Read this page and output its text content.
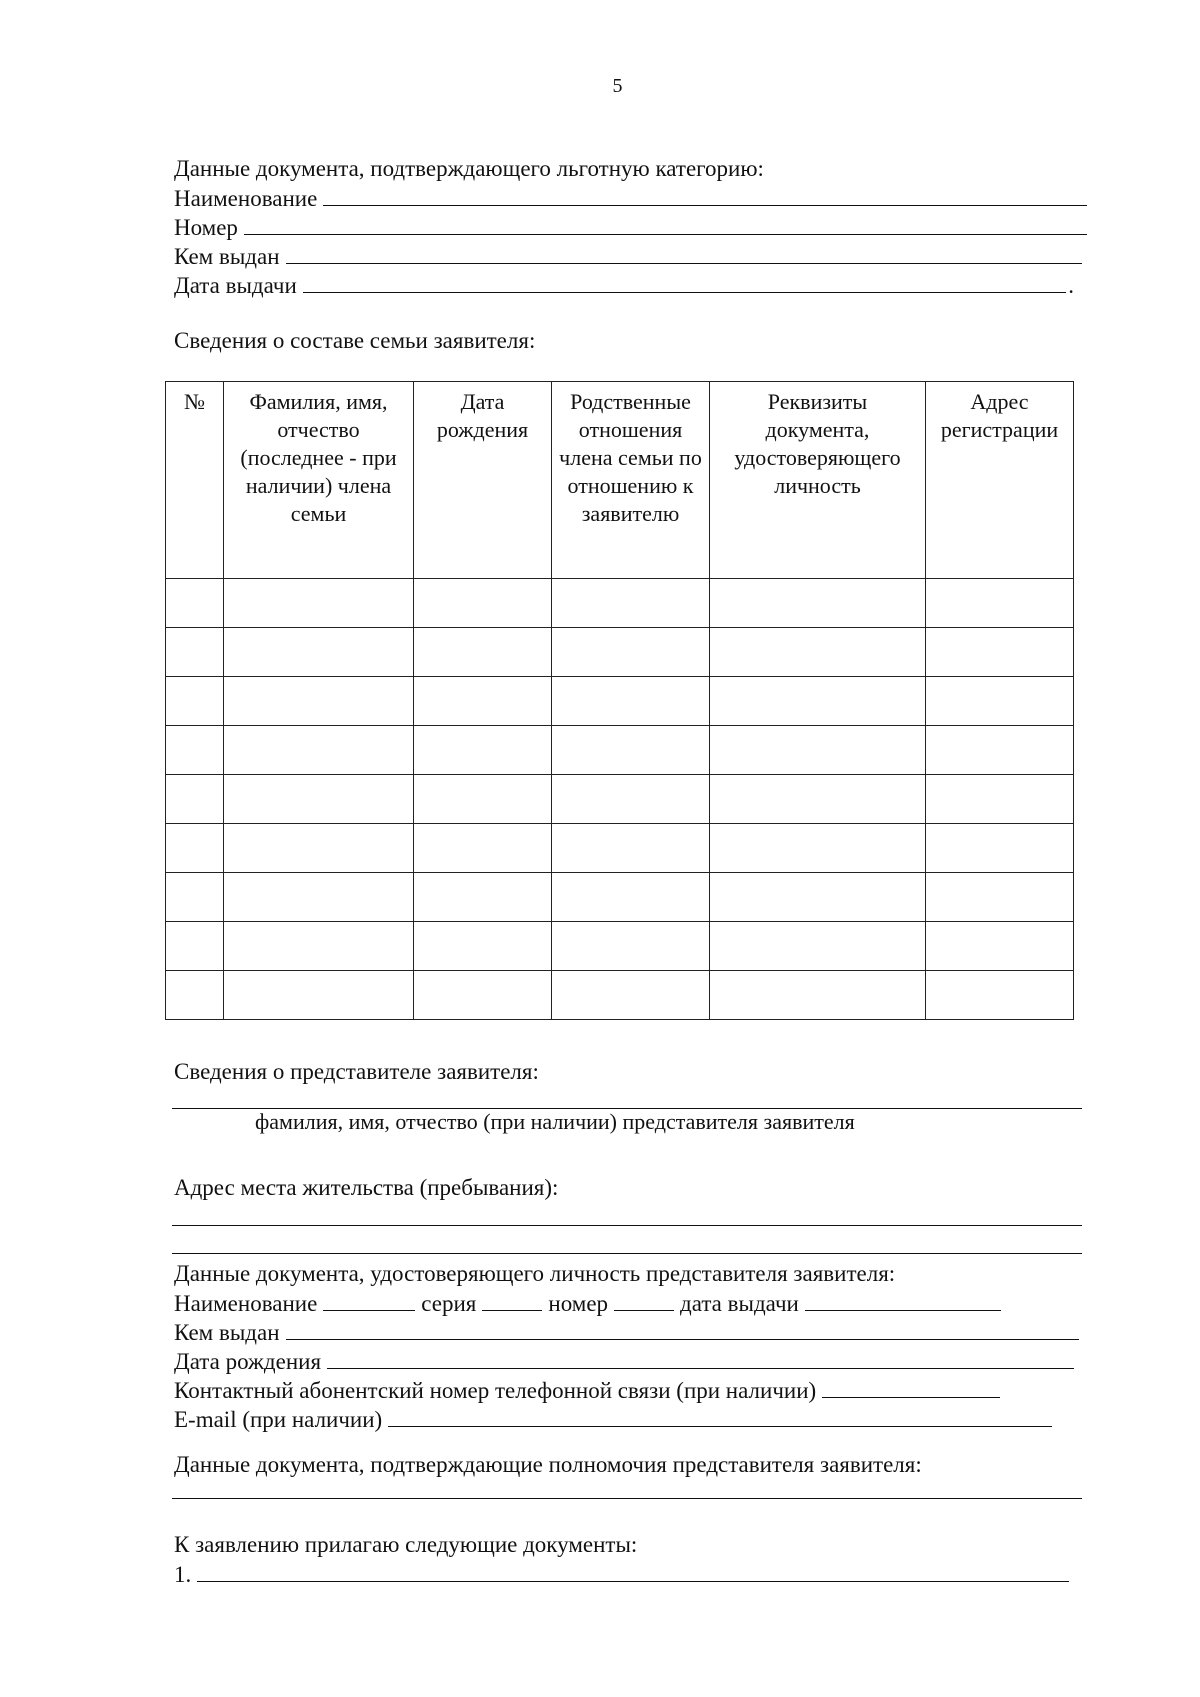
5
Данные документа, подтверждающего льготную категорию:
Наименование
Номер
Кем выдан
Дата выдачи	.
Сведения о составе семьи заявителя:
№	Фамилия, имя, отчество (последнее - при наличии) члена семьи	Дата рождения	Родственные отношения члена семьи по отношению к заявителю	Реквизиты документа, удостоверяющего личность	Адрес регистрации

Сведения о представителе заявителя:
фамилия, имя, отчество (при наличии) представителя заявителя
Адрес места жительства (пребывания):
Данные документа, удостоверяющего личность представителя заявителя:
Наименование	серия	номер	дата выдачи
Кем выдан
Дата рождения
Контактный абонентский номер телефонной связи (при наличии)
E-mail (при наличии)
Данные документа, подтверждающие полномочия представителя заявителя:
К заявлению прилагаю следующие документы:
1.
